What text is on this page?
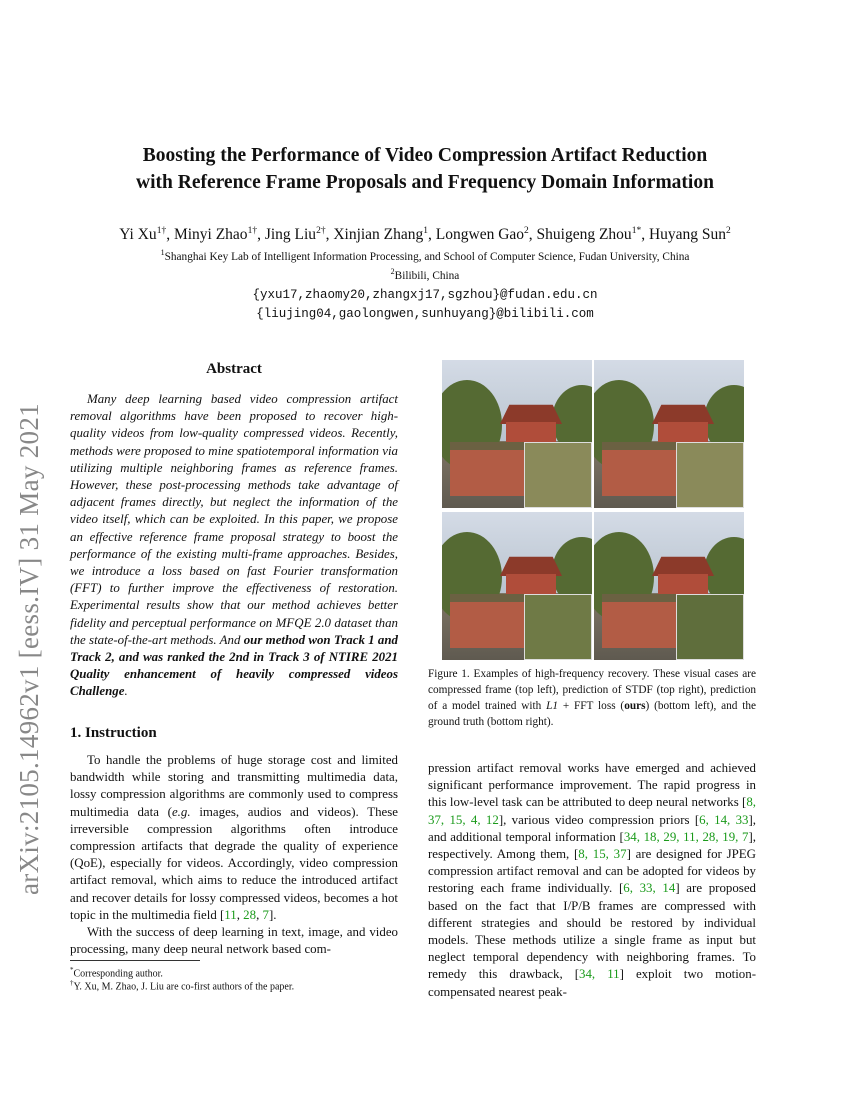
arXiv:2105.14962v1 [eess.IV] 31 May 2021
Boosting the Performance of Video Compression Artifact Reduction
with Reference Frame Proposals and Frequency Domain Information
Yi $Xu^{1\dagger}$, Minyi Zhao$^{1\dagger}$, Jing Liu$^{2\dagger}$, Xinjian Zhang$^1$, Longwen Gao$^2$, Shuigeng Zhou$^{1*}$, Huyang Sun$^2$
$^1$Shanghai Key Lab of Intelligent Information Processing, and School of Computer Science, Fudan University, China
$^2$Bilibili, China
{yxu17,zhaomy20,zhangxj17,sgzhou}@fudan.edu.cn
{liujing04,gaolongwen,sunhuyang}@bilibili.com
Abstract

Many deep learning based video compression artifact removal algorithms have been proposed to recover high-quality videos from low-quality compressed videos. Recently, methods were proposed to mine spatiotemporal information via utilizing multiple neighboring frames as reference frames. However, these post-processing methods take advantage of adjacent frames directly, but neglect the information of the video itself, which can be exploited. In this paper, we propose an effective reference frame proposal strategy to boost the performance of the existing multi-frame approaches. Besides, we introduce a loss based on fast Fourier transformation (FFT) to further improve the effectiveness of restoration. Experimental results show that our method achieves better fidelity and perceptual performance on MFQE 2.0 dataset than the state-of-the-art methods. And our method won Track 1 and Track 2, and was ranked the 2nd in Track 3 of NTIRE 2021 Quality enhancement of heavily compressed videos Challenge.

Figure 1. Examples of high-frequency recovery. These visual cases are compressed frame (top left), prediction of STDF (top right), prediction of a model trained with L1 + FFT loss (ours) (bottom left), and the ground truth (bottom right).
1. Instruction

To handle the problems of huge storage cost and limited bandwidth while storing and transmitting multimedia data, lossy compression algorithms are commonly used to compress multimedia data (e.g. images, audios and videos). These irreversible compression algorithms often introduce compression artifacts that degrade the quality of experience (QoE), especially for videos. Accordingly, video compression artifact removal, which aims to reduce the introduced artifact and recover details for lossy compressed videos, becomes a hot topic in the multimedia field [11, 28, 7].

With the success of deep learning in text, image, and video processing, many deep neural network based com-

pression artifact removal works have emerged and achieved significant performance improvement. The rapid progress in this low-level task can be attributed to deep neural networks [8, 37, 15, 4, 12], various video compression priors [6, 14, 33], and additional temporal information [34, 18, 29, 11, 28, 19, 7], respectively. Among them, [8, 15, 37] are designed for JPEG compression artifact removal and can be adopted for videos by restoring each frame individually. [6, 33, 14] are proposed based on the fact that I/P/B frames are compressed with different strategies and should be restored by individual models. These methods utilize a single frame as input but neglect temporal dependency with neighboring frames. To remedy this drawback, [34, 11] exploit two motion-compensated nearest peak-

*Corresponding author.
†Y. Xu, M. Zhao, J. Liu are co-first authors of the paper.
